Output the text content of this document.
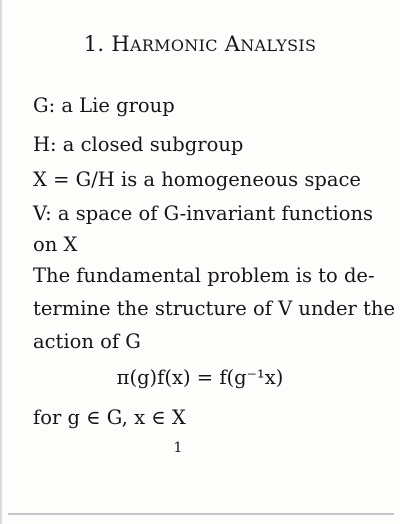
1. HARMONIC ANALYSIS
G: a Lie group
H: a closed subgroup
X = G/H is a homogeneous space
V: a space of G-invariant functions
on X
The fundamental problem is to de-
termine the structure of V under the
action of G
π(g)f(x) = f(g⁻¹x)
for g ∈ G, x ∈ X
1
